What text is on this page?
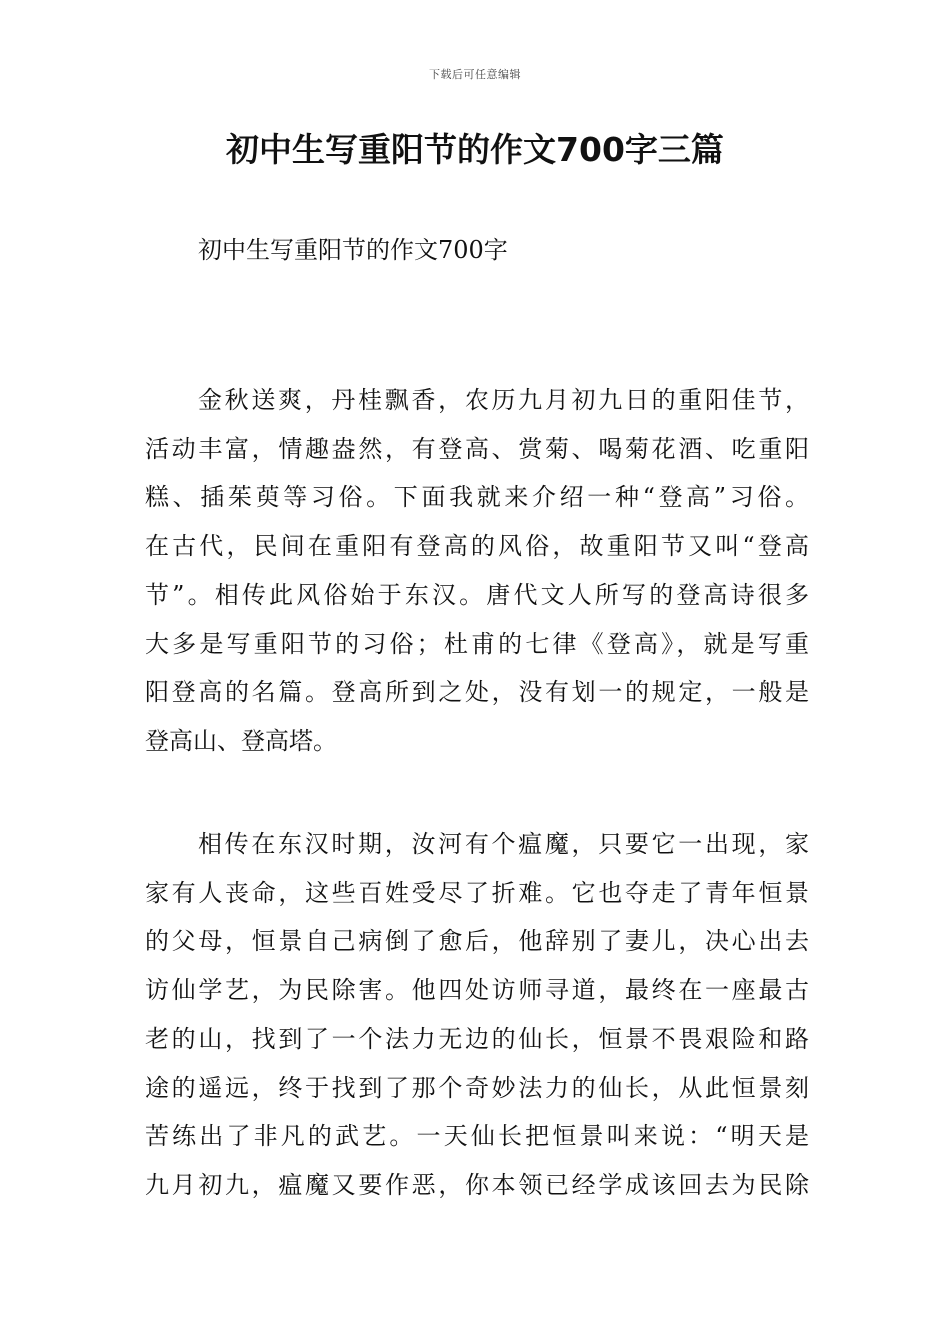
下载后可任意编辑
初中生写重阳节的作文700字三篇
初中生写重阳节的作文700字
金秋送爽，丹桂飘香，农历九月初九日的重阳佳节，
活动丰富，情趣盎然，有登高、赏菊、喝菊花酒、吃重阳
糕、插茱萸等习俗。下面我就来介绍一种“登高”习俗。
在古代，民间在重阳有登高的风俗，故重阳节又叫“登高
节”。相传此风俗始于东汉。唐代文人所写的登高诗很多
大多是写重阳节的习俗；杜甫的七律《登高》，就是写重
阳登高的名篇。登高所到之处，没有划一的规定，一般是
登高山、登高塔。
相传在东汉时期，汝河有个瘟魔，只要它一出现，家
家有人丧命，这些百姓受尽了折难。它也夺走了青年恒景
的父母，恒景自己病倒了愈后，他辞别了妻儿，决心出去
访仙学艺，为民除害。他四处访师寻道，最终在一座最古
老的山，找到了一个法力无边的仙长，恒景不畏艰险和路
途的遥远，终于找到了那个奇妙法力的仙长，从此恒景刻
苦练出了非凡的武艺。一天仙长把恒景叫来说：“明天是
九月初九，瘟魔又要作恶，你本领已经学成该回去为民除
